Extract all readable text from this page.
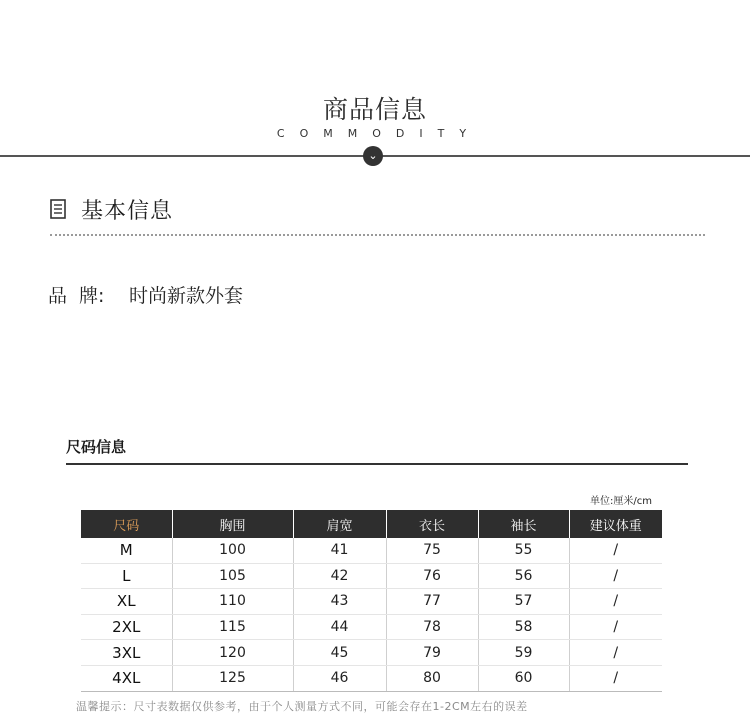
商品信息
COMMODITY
⌄
基本信息
品 牌: 时尚新款外套
尺码信息
单位:厘米/cm
尺码	胸围	肩宽	衣长	袖长	建议体重
M	100	41	75	55	/
L	105	42	76	56	/
XL	110	43	77	57	/
2XL	115	44	78	58	/
3XL	120	45	79	59	/
4XL	125	46	80	60	/
温馨提示：尺寸表数据仅供参考，由于个人测量方式不同，可能会存在1-2CM左右的误差
